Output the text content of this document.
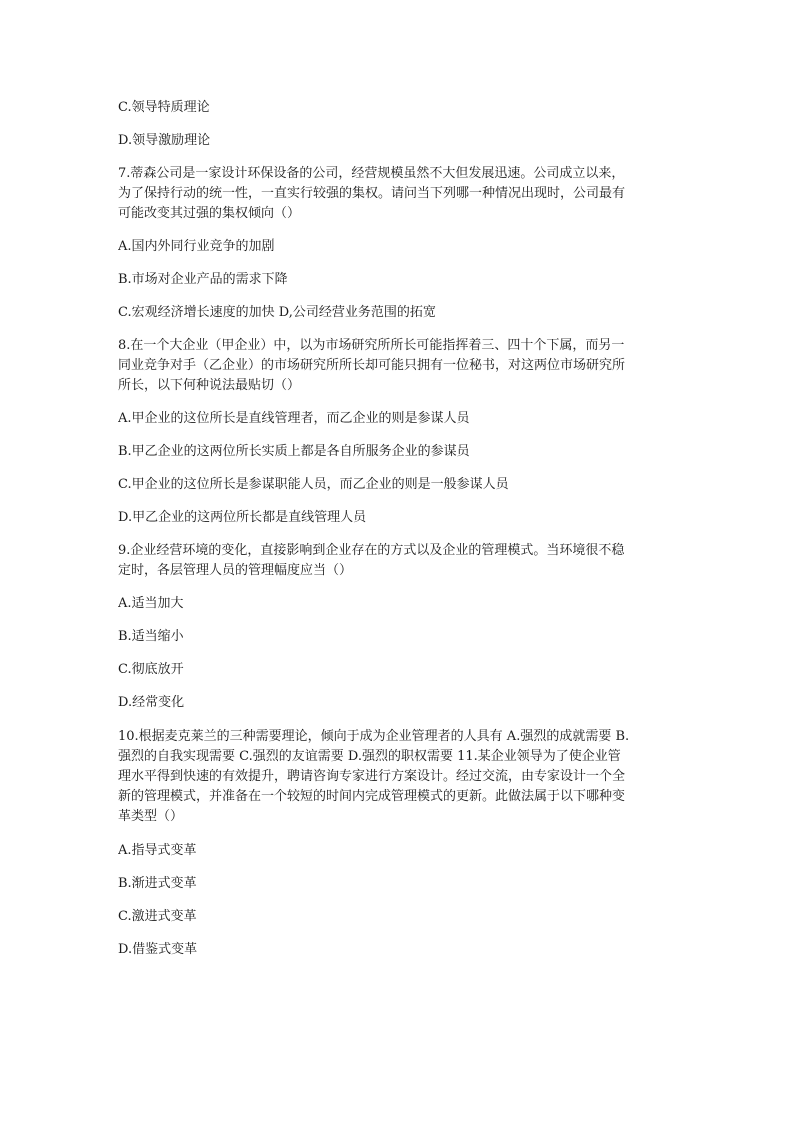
C.领导特质理论
D.领导激励理论
7.蒂森公司是一家设计环保设备的公司，经营规模虽然不大但发展迅速。公司成立以来，
为了保持行动的统一性，一直实行较强的集权。请问当下列哪一种情况出现时，公司最有
可能改变其过强的集权倾向（）
A.国内外同行业竞争的加剧
B.市场对企业产品的需求下降
C.宏观经济增长速度的加快 D,公司经营业务范围的拓宽
8.在一个大企业（甲企业）中，以为市场研究所所长可能指挥着三、四十个下属，而另一
同业竞争对手（乙企业）的市场研究所所长却可能只拥有一位秘书，对这两位市场研究所
所长，以下何种说法最贴切（）
A.甲企业的这位所长是直线管理者，而乙企业的则是参谋人员
B.甲乙企业的这两位所长实质上都是各自所服务企业的参谋员
C.甲企业的这位所长是参谋职能人员，而乙企业的则是一般参谋人员
D.甲乙企业的这两位所长都是直线管理人员
9.企业经营环境的变化，直接影响到企业存在的方式以及企业的管理模式。当环境很不稳
定时，各层管理人员的管理幅度应当（）
A.适当加大
B.适当缩小
C.彻底放开
D.经常变化
10.根据麦克莱兰的三种需要理论，倾向于成为企业管理者的人具有 A.强烈的成就需要 B.
强烈的自我实现需要 C.强烈的友谊需要 D.强烈的职权需要 11.某企业领导为了使企业管
理水平得到快速的有效提升，聘请咨询专家进行方案设计。经过交流，由专家设计一个全
新的管理模式，并准备在一个较短的时间内完成管理模式的更新。此做法属于以下哪种变
革类型（）
A.指导式变革
B.渐进式变革
C.激进式变革
D.借鉴式变革
